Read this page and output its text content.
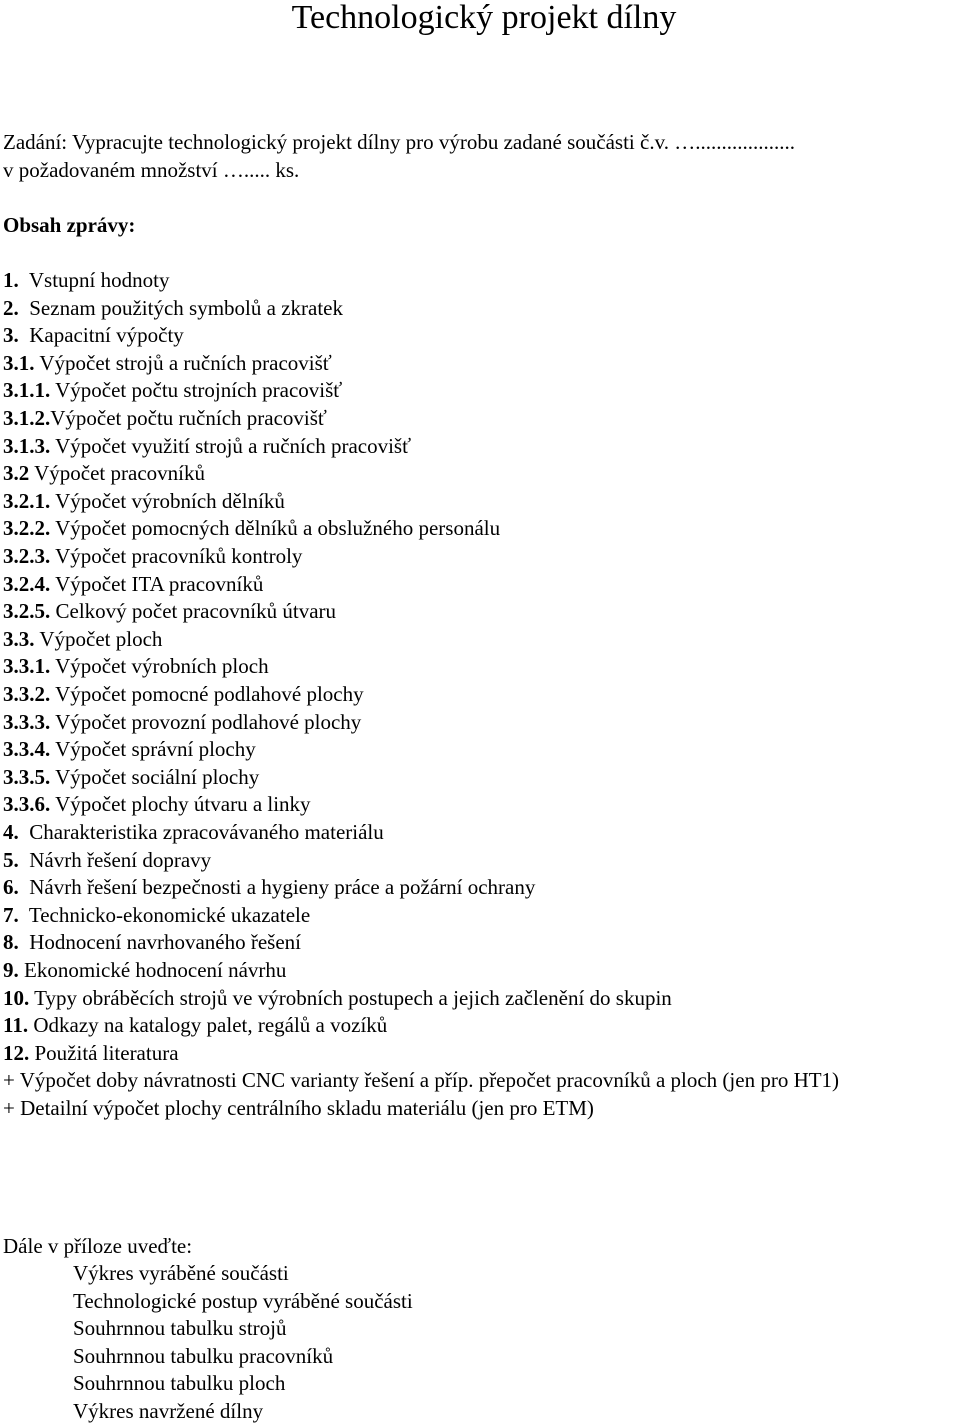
Technologický projekt dílny
Zadání: Vypracujte technologický projekt dílny pro výrobu zadané součásti č.v. …...................
v požadovaném množství …..... ks.
Obsah zprávy:
1. Vstupní hodnoty
2. Seznam použitých symbolů a zkratek
3. Kapacitní výpočty
3.1. Výpočet strojů a ručních pracovišť
3.1.1. Výpočet počtu strojních pracovišť
3.1.2.Výpočet počtu ručních pracovišť
3.1.3. Výpočet využití strojů a ručních pracovišť
3.2 Výpočet pracovníků
3.2.1. Výpočet výrobních dělníků
3.2.2. Výpočet pomocných dělníků a obslužného personálu
3.2.3. Výpočet pracovníků kontroly
3.2.4. Výpočet ITA pracovníků
3.2.5. Celkový počet pracovníků útvaru
3.3. Výpočet ploch
3.3.1. Výpočet výrobních ploch
3.3.2. Výpočet pomocné podlahové plochy
3.3.3. Výpočet provozní podlahové plochy
3.3.4. Výpočet správní plochy
3.3.5. Výpočet sociální plochy
3.3.6. Výpočet plochy útvaru a linky
4. Charakteristika zpracovávaného materiálu
5. Návrh řešení dopravy
6. Návrh řešení bezpečnosti a hygieny práce a požární ochrany
7. Technicko-ekonomické ukazatele
8. Hodnocení navrhovaného řešení
9. Ekonomické hodnocení návrhu
10. Typy obráběcích strojů ve výrobních postupech a jejich začlenění do skupin
11. Odkazy na katalogy palet, regálů a vozíků
12. Použitá literatura
+ Výpočet doby návratnosti CNC varianty řešení a příp. přepočet pracovníků a ploch (jen pro HT1)
+ Detailní výpočet plochy centrálního skladu materiálu (jen pro ETM)
Dále v příloze uveďte:
Výkres vyráběné součásti
Technologické postup vyráběné součásti
Souhrnnou tabulku strojů
Souhrnnou tabulku pracovníků
Souhrnnou tabulku ploch
Výkres navržené dílny
